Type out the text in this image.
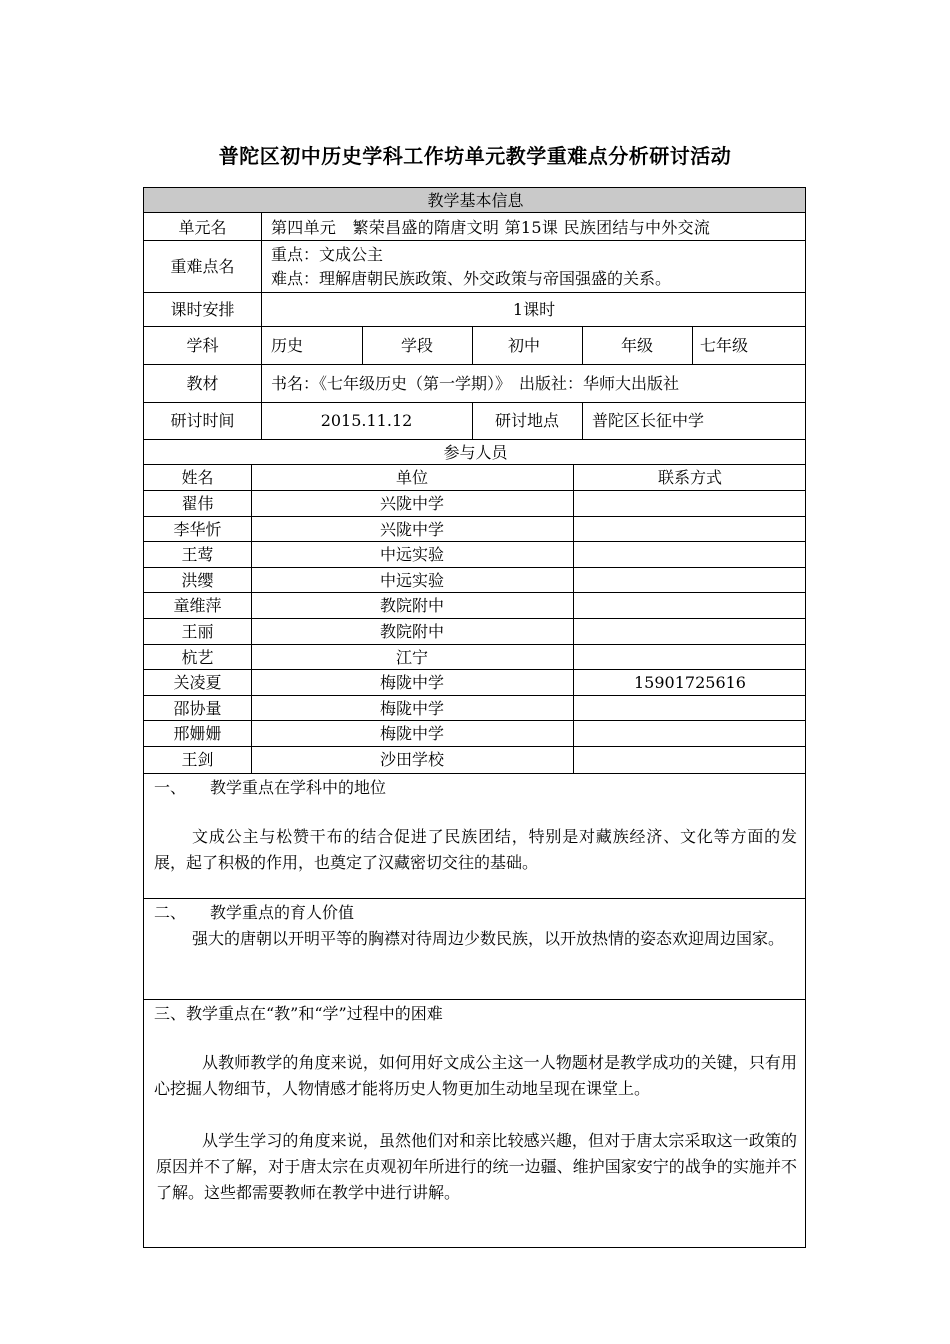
普陀区初中历史学科工作坊单元教学重难点分析研讨活动
教学基本信息
单元名	第四单元　繁荣昌盛的隋唐文明 第15课 民族团结与中外交流
重难点名
重点：文成公主
难点：理解唐朝民族政策、外交政策与帝国强盛的关系。
课时安排	1课时
学科	历史	学段	初中	年级	七年级
教材	书名：《七年级历史（第一学期）》　出版社：华师大出版社
研讨时间	2015.11.12	研讨地点	普陀区长征中学
参与人员
姓名	单位	联系方式
翟伟	兴陇中学
李华忻	兴陇中学
王莺	中远实验
洪缨	中远实验
童维萍	教院附中
王丽	教院附中
杭艺	江宁
关凌夏	梅陇中学	15901725616
邵协量	梅陇中学
邢姗姗	梅陇中学
王剑	沙田学校
一、　　教学重点在学科中的地位
文成公主与松赞干布的结合促进了民族团结，特别是对藏族经济、文化等方面的发展，起了积极的作用，也奠定了汉藏密切交往的基础。
二、　　教学重点的育人价值
强大的唐朝以开明平等的胸襟对待周边少数民族，以开放热情的姿态欢迎周边国家。
三、教学重点在“教”和“学”过程中的困难
从教师教学的角度来说，如何用好文成公主这一人物题材是教学成功的关键，只有用心挖掘人物细节，人物情感才能将历史人物更加生动地呈现在课堂上。
从学生学习的角度来说，虽然他们对和亲比较感兴趣，但对于唐太宗采取这一政策的原因并不了解，对于唐太宗在贞观初年所进行的统一边疆、维护国家安宁的战争的实施并不了解。这些都需要教师在教学中进行讲解。
